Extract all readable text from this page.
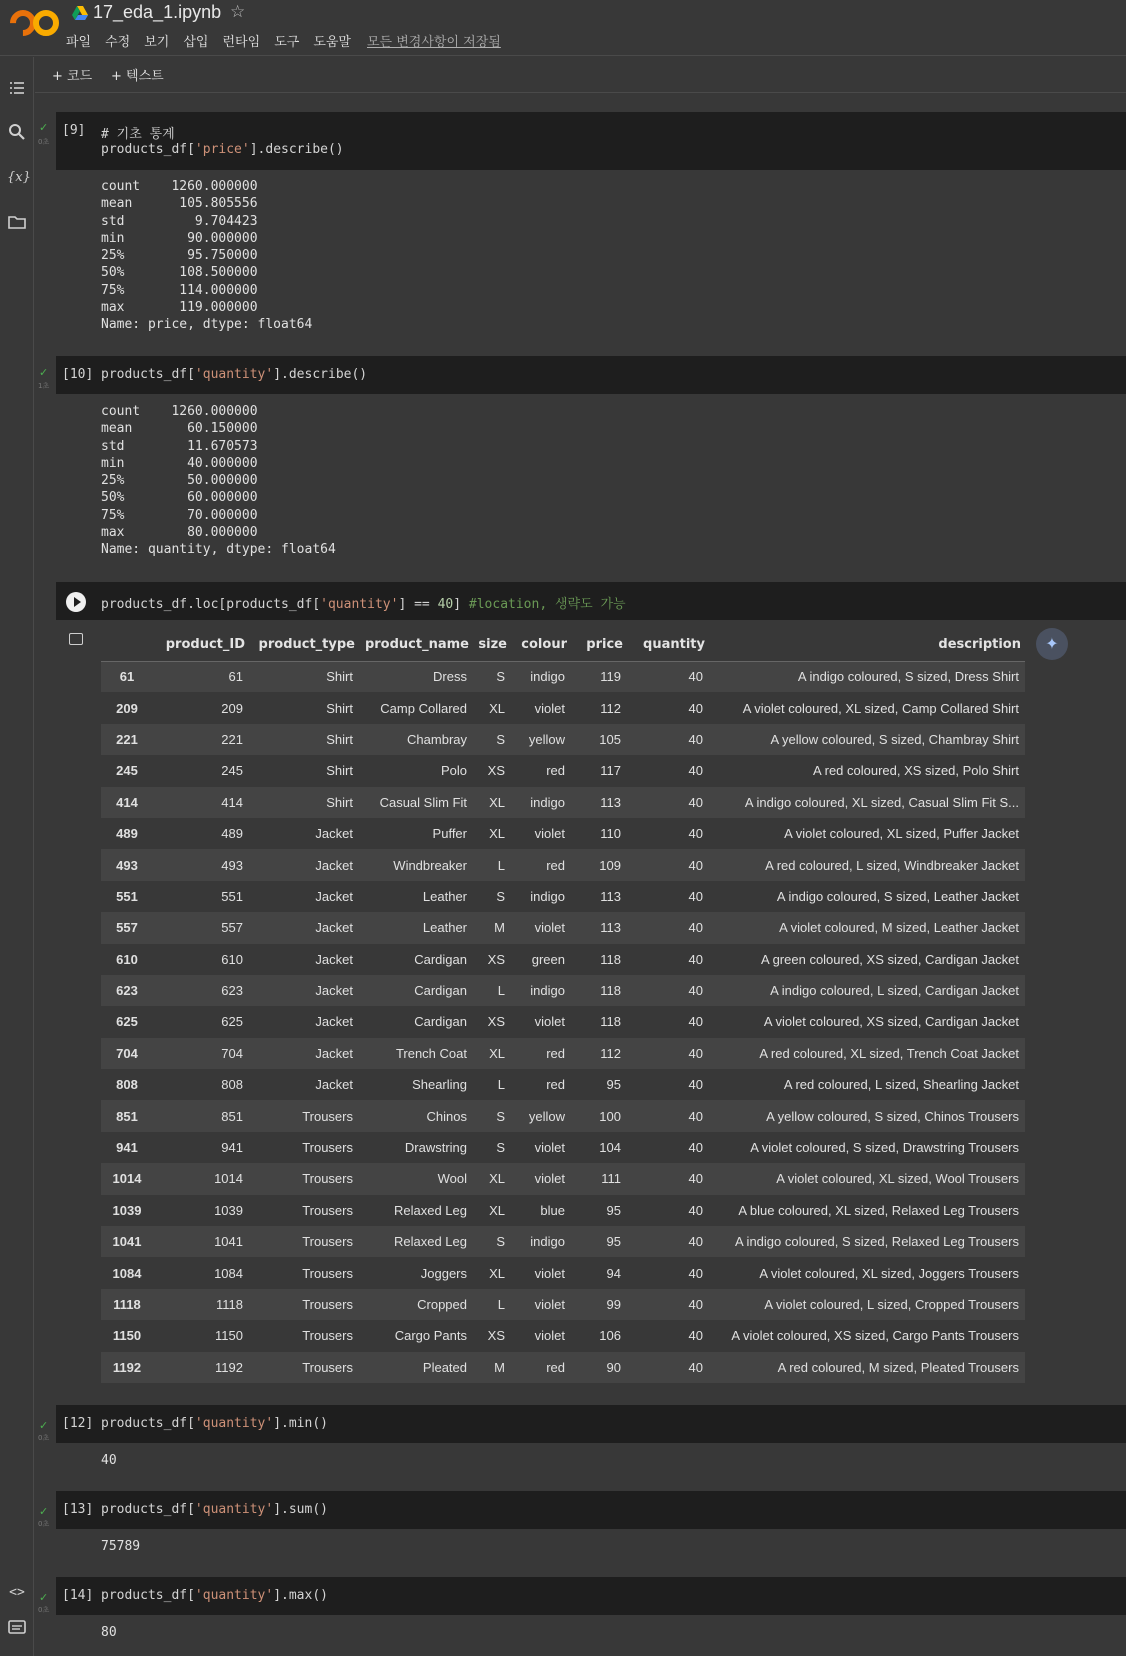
17_eda_1.ipynb ☆
파일 수정 보기 삽입 런타임 도구 도움말 모든 변경사항이 저장됨
{x}
<>
+ 코드 + 텍스트
✓
0초
[9] # 기초 통계
products_df['price'].describe()
count    1260.000000
mean      105.805556
std         9.704423
min        90.000000
25%        95.750000
50%       108.500000
75%       114.000000
max       119.000000
Name: price, dtype: float64
✓
1초
[10] products_df['quantity'].describe()
count    1260.000000
mean       60.150000
std        11.670573
min        40.000000
25%        50.000000
50%        60.000000
75%        70.000000
max        80.000000
Name: quantity, dtype: float64
products_df.loc[products_df['quantity'] == 40] #location, 생략도 가능
✦
	product_ID	product_type	product_name	size	colour	price	quantity	description
61	61	Shirt	Dress	S	indigo	119	40	A indigo coloured, S sized, Dress Shirt
209	209	Shirt	Camp Collared	XL	violet	112	40	A violet coloured, XL sized, Camp Collared Shirt
221	221	Shirt	Chambray	S	yellow	105	40	A yellow coloured, S sized, Chambray Shirt
245	245	Shirt	Polo	XS	red	117	40	A red coloured, XS sized, Polo Shirt
414	414	Shirt	Casual Slim Fit	XL	indigo	113	40	A indigo coloured, XL sized, Casual Slim Fit S...
489	489	Jacket	Puffer	XL	violet	110	40	A violet coloured, XL sized, Puffer Jacket
493	493	Jacket	Windbreaker	L	red	109	40	A red coloured, L sized, Windbreaker Jacket
551	551	Jacket	Leather	S	indigo	113	40	A indigo coloured, S sized, Leather Jacket
557	557	Jacket	Leather	M	violet	113	40	A violet coloured, M sized, Leather Jacket
610	610	Jacket	Cardigan	XS	green	118	40	A green coloured, XS sized, Cardigan Jacket
623	623	Jacket	Cardigan	L	indigo	118	40	A indigo coloured, L sized, Cardigan Jacket
625	625	Jacket	Cardigan	XS	violet	118	40	A violet coloured, XS sized, Cardigan Jacket
704	704	Jacket	Trench Coat	XL	red	112	40	A red coloured, XL sized, Trench Coat Jacket
808	808	Jacket	Shearling	L	red	95	40	A red coloured, L sized, Shearling Jacket
851	851	Trousers	Chinos	S	yellow	100	40	A yellow coloured, S sized, Chinos Trousers
941	941	Trousers	Drawstring	S	violet	104	40	A violet coloured, S sized, Drawstring Trousers
1014	1014	Trousers	Wool	XL	violet	111	40	A violet coloured, XL sized, Wool Trousers
1039	1039	Trousers	Relaxed Leg	XL	blue	95	40	A blue coloured, XL sized, Relaxed Leg Trousers
1041	1041	Trousers	Relaxed Leg	S	indigo	95	40	A indigo coloured, S sized, Relaxed Leg Trousers
1084	1084	Trousers	Joggers	XL	violet	94	40	A violet coloured, XL sized, Joggers Trousers
1118	1118	Trousers	Cropped	L	violet	99	40	A violet coloured, L sized, Cropped Trousers
1150	1150	Trousers	Cargo Pants	XS	violet	106	40	A violet coloured, XS sized, Cargo Pants Trousers
1192	1192	Trousers	Pleated	M	red	90	40	A red coloured, M sized, Pleated Trousers
✓
0초
[12] products_df['quantity'].min()
40
✓
0초
[13] products_df['quantity'].sum()
75789
✓
0초
[14] products_df['quantity'].max()
80
